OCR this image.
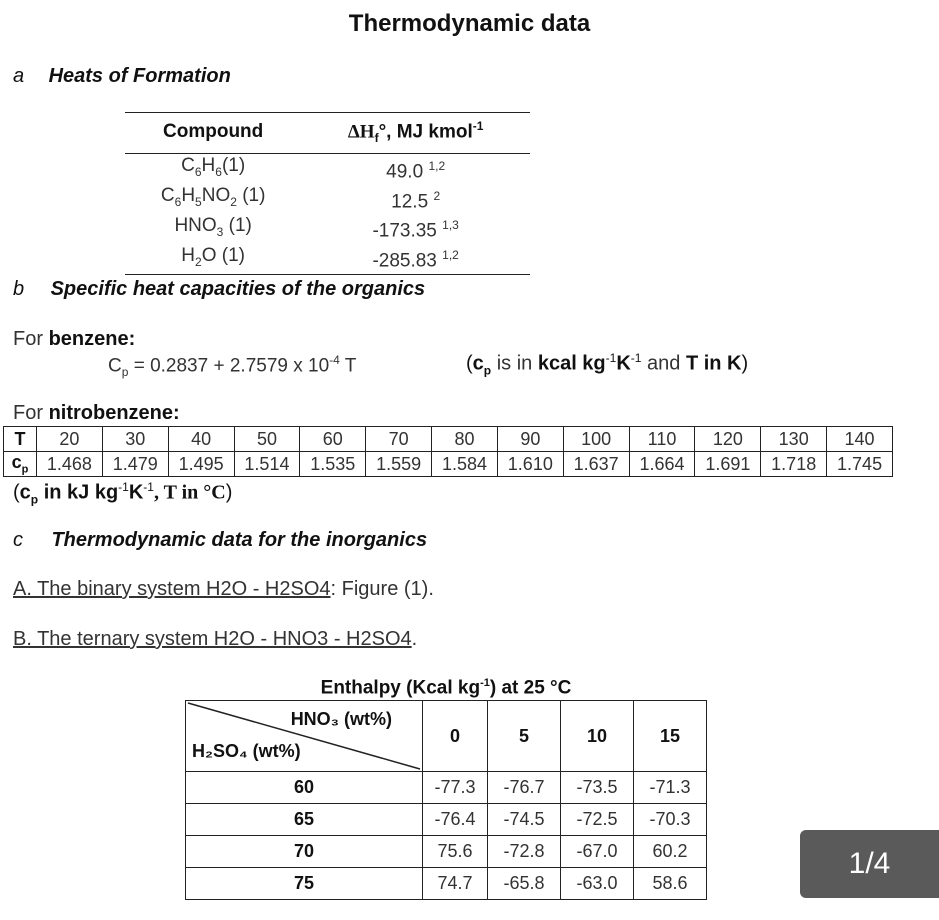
Thermodynamic data
a Heats of Formation
Compound	$\Delta H_f^\circ$, MJ kmol$^{-1}$
$C_6H_6(1)$	49.0 $^{1,2}$
$C_6H_5NO_2$ (1)	12.5 $^2$
$HNO_3$ (1)	-173.35 $^{1,3}$
$H_2O$ (1)	-285.83 $^{1,2}$
b Specific heat capacities of the organics
For benzene:
$C_p = 0.2837 + 2.7579$ x $10^{-4}$ T	($c_p$ is in kcal $kg^{-1}K^{-1}$ and T in K)
For nitrobenzene:
T	20	30	40	50	60	70	80	90	100	110	120	130	140
$c_p$	1.468	1.479	1.495	1.514	1.535	1.559	1.584	1.610	1.637	1.664	1.691	1.718	1.745
($c_p$ in kJ $kg^{-1}K^{-1}$, T in °C)
c Thermodynamic data for the inorganics
A. The binary system H2O - H2SO4: Figure (1).
B. The ternary system H2O - HNO3 - H2SO4.
Enthalpy (Kcal $kg^{-1}$) at 25 °C
HNO₃ (wt%)
H₂SO₄ (wt%)	0	5	10	15
60	-77.3	-76.7	-73.5	-71.3
65	-76.4	-74.5	-72.5	-70.3
70	75.6	-72.8	-67.0	60.2
75	74.7	-65.8	-63.0	58.6
1/4
